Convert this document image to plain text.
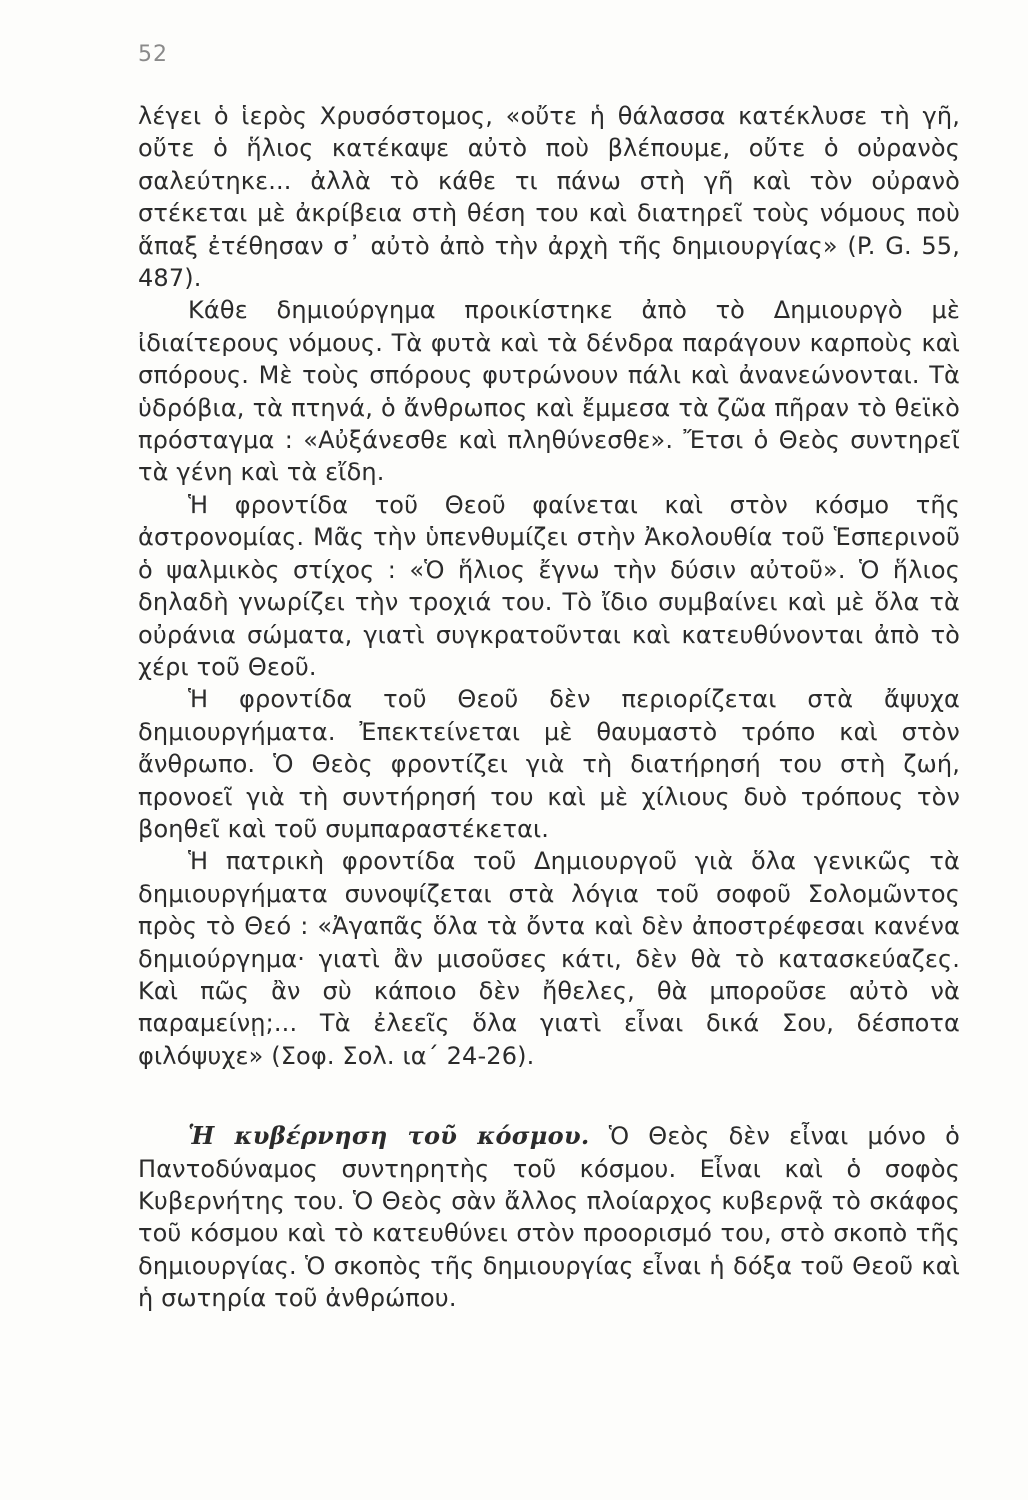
52

λέγει ὁ ἱερὸς Χρυσόστομος, «οὔτε ἡ θάλασσα κατέκλυσε τὴ γῆ, οὔτε ὁ ἥλιος κατέκαψε αὐτὸ ποὺ βλέπουμε, οὔτε ὁ οὐρανὸς σαλεύτηκε... ἀλλὰ τὸ κάθε τι πάνω στὴ γῆ καὶ τὸν οὐρανὸ στέκεται μὲ ἀκρίβεια στὴ θέση του καὶ διατηρεῖ τοὺς νόμους ποὺ ἅπαξ ἐτέθησαν σ᾽ αὐτὸ ἀπὸ τὴν ἀρχὴ τῆς δημιουργίας» (P. G. 55, 487).

Κάθε δημιούργημα προικίστηκε ἀπὸ τὸ Δημιουργὸ μὲ ἰδιαίτερους νόμους. Τὰ φυτὰ καὶ τὰ δένδρα παράγουν καρποὺς καὶ σπόρους. Μὲ τοὺς σπόρους φυτρώνουν πάλι καὶ ἀνανεώνονται. Τὰ ὑδρόβια, τὰ πτηνά, ὁ ἄνθρωπος καὶ ἔμμεσα τὰ ζῶα πῆραν τὸ θεϊκὸ πρόσταγμα : «Αὐξάνεσθε καὶ πληθύνεσθε». Ἔτσι ὁ Θεὸς συντηρεῖ τὰ γένη καὶ τὰ εἴδη.

Ἡ φροντίδα τοῦ Θεοῦ φαίνεται καὶ στὸν κόσμο τῆς ἀστρονομίας. Μᾶς τὴν ὑπενθυμίζει στὴν Ἀκολουθία τοῦ Ἑσπερινοῦ ὁ ψαλμικὸς στίχος : «Ὁ ἥλιος ἔγνω τὴν δύσιν αὐτοῦ». Ὁ ἥλιος δηλαδὴ γνωρίζει τὴν τροχιά του. Τὸ ἴδιο συμβαίνει καὶ μὲ ὅλα τὰ οὐράνια σώματα, γιατὶ συγκρατοῦνται καὶ κατευθύνονται ἀπὸ τὸ χέρι τοῦ Θεοῦ.

Ἡ φροντίδα τοῦ Θεοῦ δὲν περιορίζεται στὰ ἄψυχα δημιουργήματα. Ἐπεκτείνεται μὲ θαυμαστὸ τρόπο καὶ στὸν ἄνθρωπο. Ὁ Θεὸς φροντίζει γιὰ τὴ διατήρησή του στὴ ζωή, προνοεῖ γιὰ τὴ συντήρησή του καὶ μὲ χίλιους δυὸ τρόπους τὸν βοηθεῖ καὶ τοῦ συμπαραστέκεται.

Ἡ πατρικὴ φροντίδα τοῦ Δημιουργοῦ γιὰ ὅλα γενικῶς τὰ δημιουργήματα συνοψίζεται στὰ λόγια τοῦ σοφοῦ Σολομῶντος πρὸς τὸ Θεό : «Ἀγαπᾶς ὅλα τὰ ὄντα καὶ δὲν ἀποστρέφεσαι κανένα δημιούργημα· γιατὶ ἂν μισοῦσες κάτι, δὲν θὰ τὸ κατασκεύαζες. Καὶ πῶς ἂν σὺ κάποιο δὲν ἤθελες, θὰ μποροῦσε αὐτὸ νὰ παραμείνῃ;... Τὰ ἐλεεῖς ὅλα γιατὶ εἶναι δικά Σου, δέσποτα φιλόψυχε» (Σοφ. Σολ. ια΄ 24-26).

Ἡ κυβέρνηση τοῦ κόσμου. Ὁ Θεὸς δὲν εἶναι μόνο ὁ Παντοδύναμος συντηρητὴς τοῦ κόσμου. Εἶναι καὶ ὁ σοφὸς Κυβερνήτης του. Ὁ Θεὸς σὰν ἄλλος πλοίαρχος κυβερνᾷ τὸ σκάφος τοῦ κόσμου καὶ τὸ κατευθύνει στὸν προορισμό του, στὸ σκοπὸ τῆς δημιουργίας. Ὁ σκοπὸς τῆς δημιουργίας εἶναι ἡ δόξα τοῦ Θεοῦ καὶ ἡ σωτηρία τοῦ ἀνθρώπου.
